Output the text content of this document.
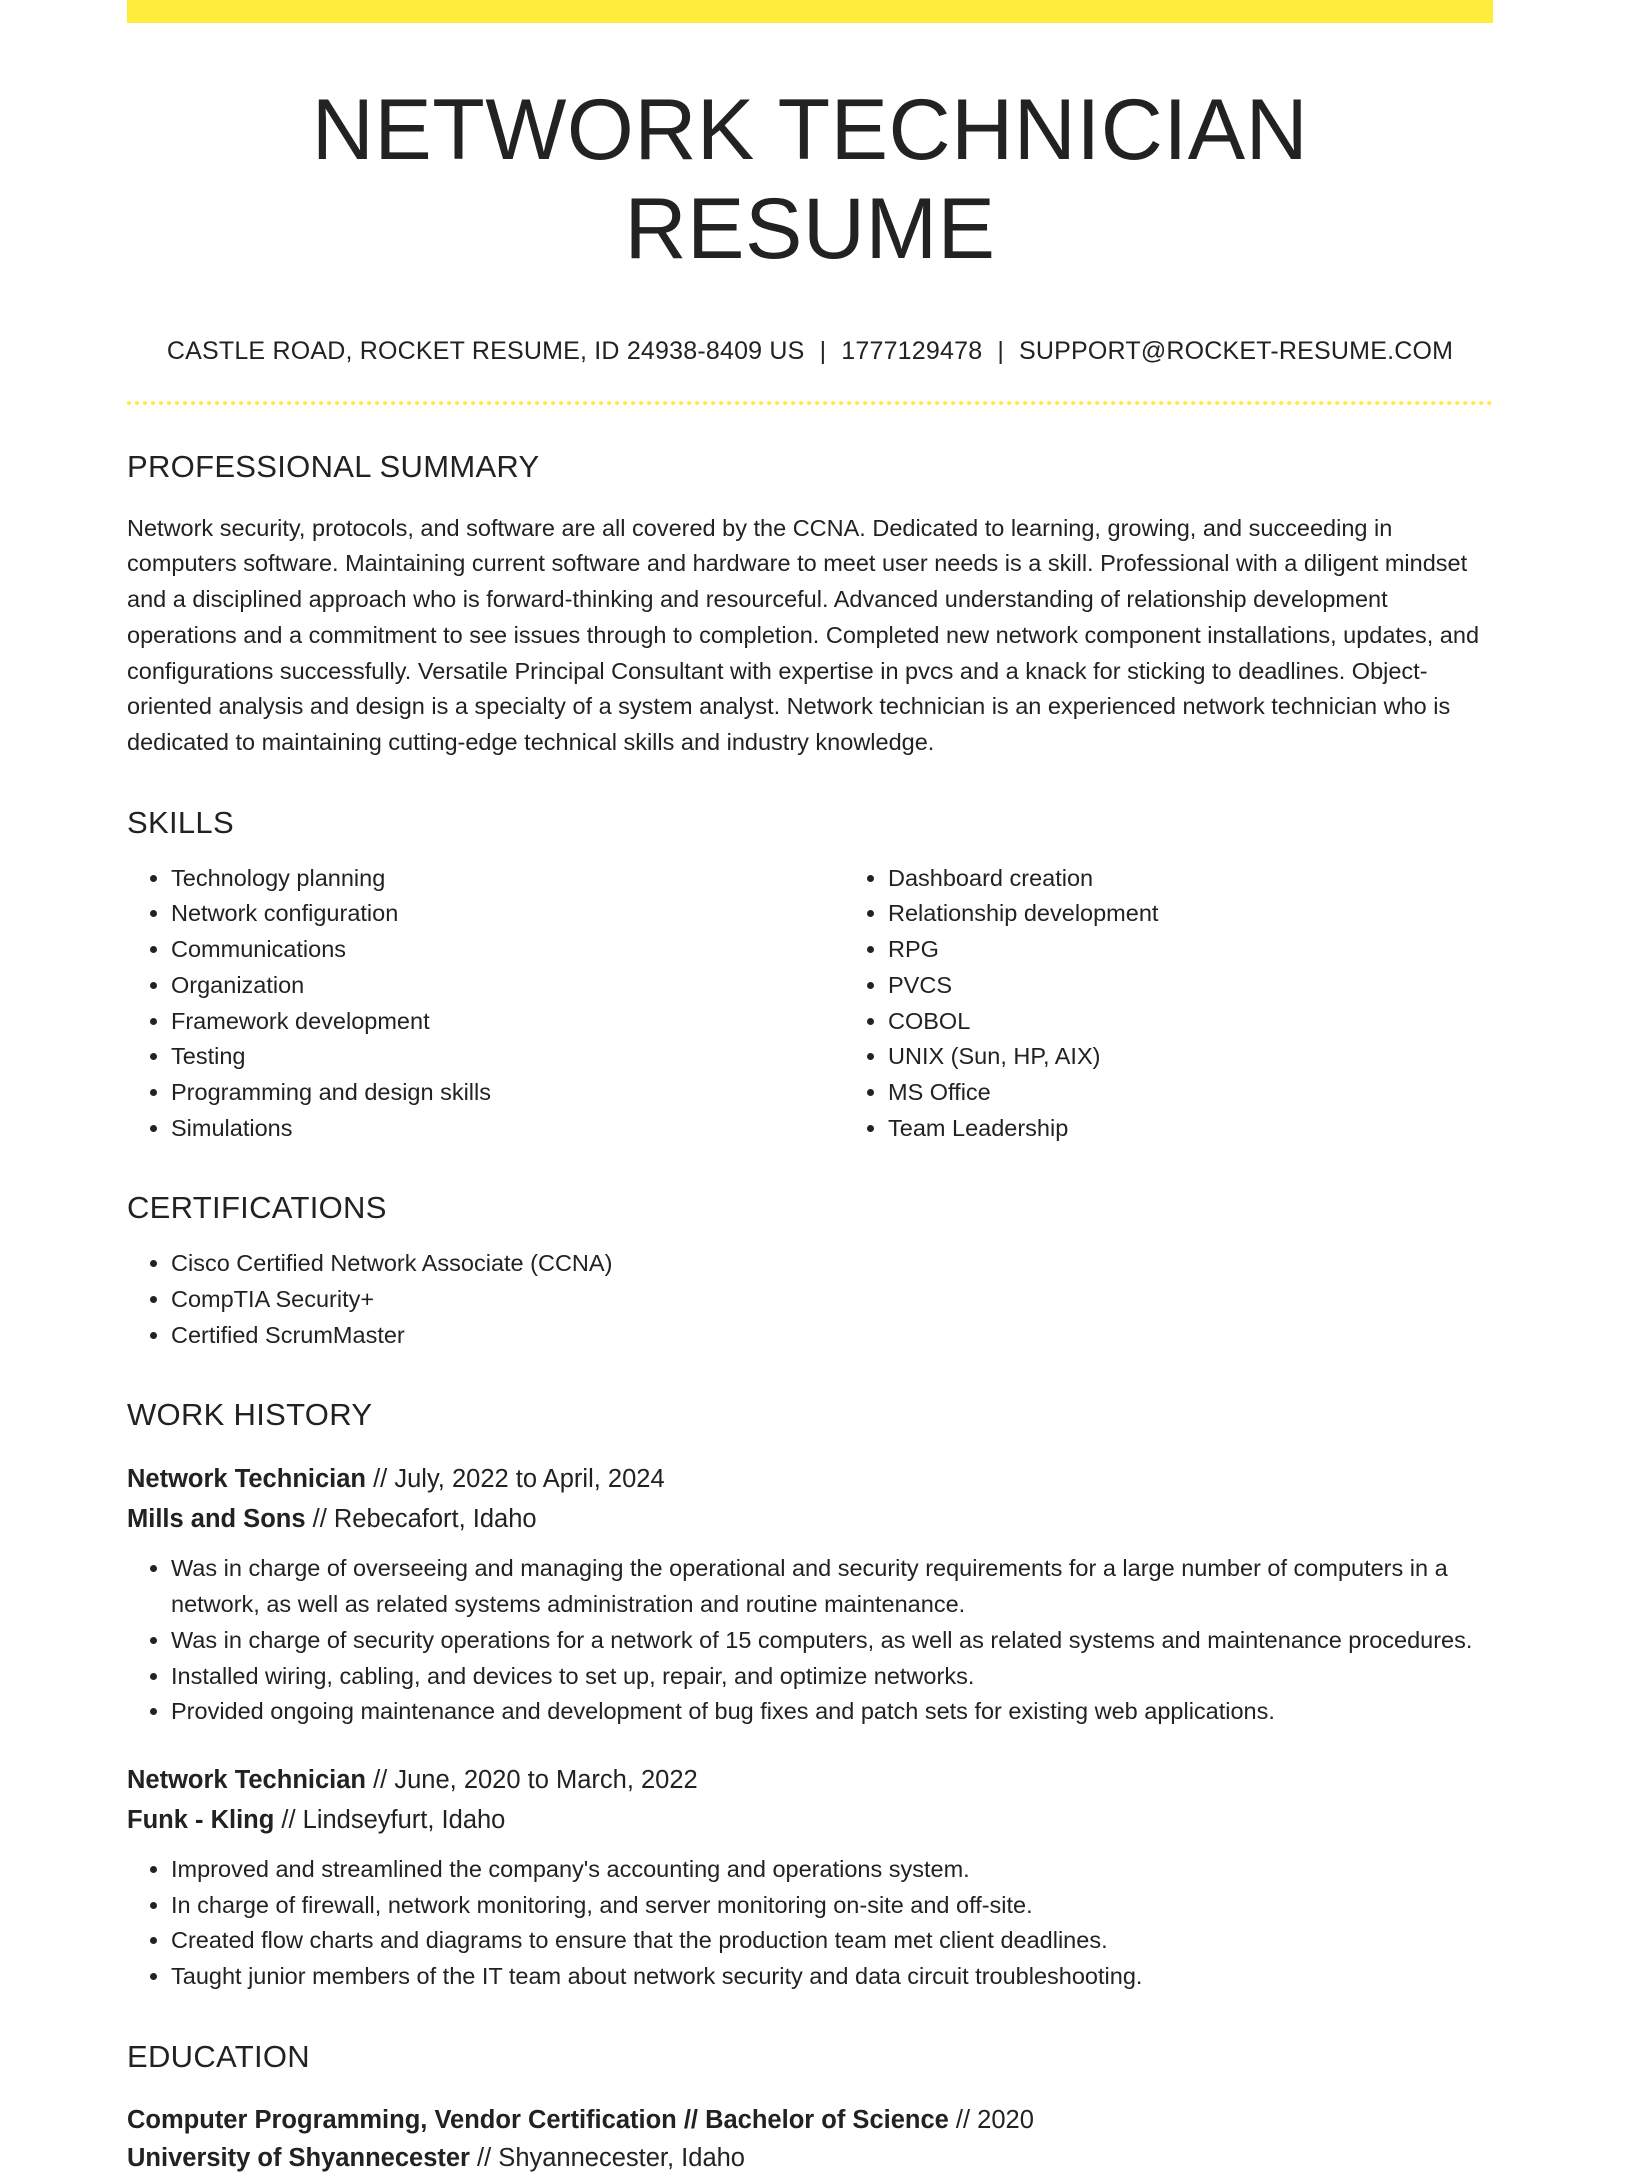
NETWORK TECHNICIAN RESUME
CASTLE ROAD, ROCKET RESUME, ID 24938-8409 US | 1777129478 | SUPPORT@ROCKET-RESUME.COM
PROFESSIONAL SUMMARY

Network security, protocols, and software are all covered by the CCNA. Dedicated to learning, growing, and succeeding in computers software. Maintaining current software and hardware to meet user needs is a skill. Professional with a diligent mindset and a disciplined approach who is forward-thinking and resourceful. Advanced understanding of relationship development operations and a commitment to see issues through to completion. Completed new network component installations, updates, and configurations successfully. Versatile Principal Consultant with expertise in pvcs and a knack for sticking to deadlines. Object-oriented analysis and design is a specialty of a system analyst. Network technician is an experienced network technician who is dedicated to maintaining cutting-edge technical skills and industry knowledge.

SKILLS
• Technology planning
• Network configuration
• Communications
• Organization
• Framework development
• Testing
• Programming and design skills
• Simulations
• Dashboard creation
• Relationship development
• RPG
• PVCS
• COBOL
• UNIX (Sun, HP, AIX)
• MS Office
• Team Leadership
CERTIFICATIONS
• Cisco Certified Network Associate (CCNA)
• CompTIA Security+
• Certified ScrumMaster
WORK HISTORY
Network Technician // July, 2022 to April, 2024
Mills and Sons // Rebecafort, Idaho
• Was in charge of overseeing and managing the operational and security requirements for a large number of computers in a network, as well as related systems administration and routine maintenance.
• Was in charge of security operations for a network of 15 computers, as well as related systems and maintenance procedures.
• Installed wiring, cabling, and devices to set up, repair, and optimize networks.
• Provided ongoing maintenance and development of bug fixes and patch sets for existing web applications.
Network Technician // June, 2020 to March, 2022
Funk - Kling // Lindseyfurt, Idaho
• Improved and streamlined the company's accounting and operations system.
• In charge of firewall, network monitoring, and server monitoring on-site and off-site.
• Created flow charts and diagrams to ensure that the production team met client deadlines.
• Taught junior members of the IT team about network security and data circuit troubleshooting.
EDUCATION
Computer Programming, Vendor Certification // Bachelor of Science // 2020
University of Shyannecester // Shyannecester, Idaho
